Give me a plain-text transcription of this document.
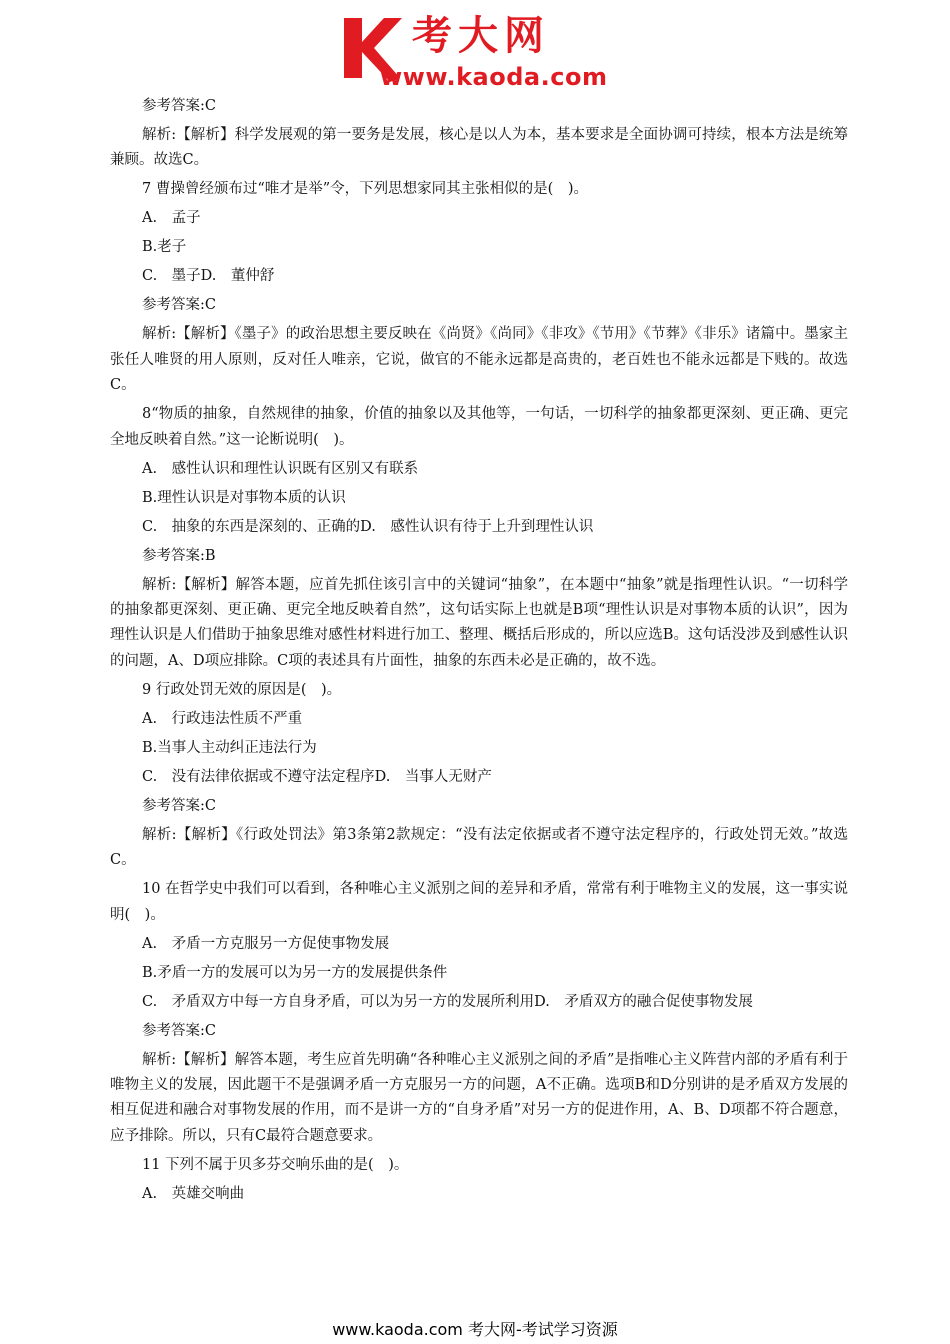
考大网
www.kaoda.com

参考答案:C

解析:【解析】科学发展观的第一要务是发展，核心是以人为本，基本要求是全面协调可持续，根本方法是统筹兼顾。故选C。

7 曹操曾经颁布过“唯才是举”令，下列思想家同其主张相似的是(　)。

A.　孟子

B.老子

C.　墨子D.　董仲舒

参考答案:C

解析:【解析】《墨子》的政治思想主要反映在《尚贤》《尚同》《非攻》《节用》《节葬》《非乐》诸篇中。墨家主张任人唯贤的用人原则，反对任人唯亲，它说，做官的不能永远都是高贵的，老百姓也不能永远都是下贱的。故选C。

8“物质的抽象，自然规律的抽象，价值的抽象以及其他等，一句话，一切科学的抽象都更深刻、更正确、更完全地反映着自然。”这一论断说明(　)。

A.　感性认识和理性认识既有区别又有联系

B.理性认识是对事物本质的认识

C.　抽象的东西是深刻的、正确的D.　感性认识有待于上升到理性认识

参考答案:B

解析:【解析】解答本题，应首先抓住该引言中的关键词“抽象”，在本题中“抽象”就是指理性认识。“一切科学的抽象都更深刻、更正确、更完全地反映着自然”，这句话实际上也就是B项“理性认识是对事物本质的认识”，因为理性认识是人们借助于抽象思维对感性材料进行加工、整理、概括后形成的，所以应选B。这句话没涉及到感性认识的问题，A、D项应排除。C项的表述具有片面性，抽象的东西未必是正确的，故不选。

9 行政处罚无效的原因是(　)。

A.　行政违法性质不严重

B.当事人主动纠正违法行为

C.　没有法律依据或不遵守法定程序D.　当事人无财产

参考答案:C

解析:【解析】《行政处罚法》第3条第2款规定：“没有法定依据或者不遵守法定程序的，行政处罚无效。”故选C。

10 在哲学史中我们可以看到，各种唯心主义派别之间的差异和矛盾，常常有利于唯物主义的发展，这一事实说明(　)。

A.　矛盾一方克服另一方促使事物发展

B.矛盾一方的发展可以为另一方的发展提供条件

C.　矛盾双方中每一方自身矛盾，可以为另一方的发展所利用D.　矛盾双方的融合促使事物发展

参考答案:C

解析:【解析】解答本题，考生应首先明确“各种唯心主义派别之间的矛盾”是指唯心主义阵营内部的矛盾有利于唯物主义的发展，因此题干不是强调矛盾一方克服另一方的问题，A不正确。选项B和D分别讲的是矛盾双方发展的相互促进和融合对事物发展的作用，而不是讲一方的“自身矛盾”对另一方的促进作用，A、B、D项都不符合题意，应予排除。所以，只有C最符合题意要求。

11 下列不属于贝多芬交响乐曲的是(　)。

A.　英雄交响曲

www.kaoda.com 考大网-考试学习资源
